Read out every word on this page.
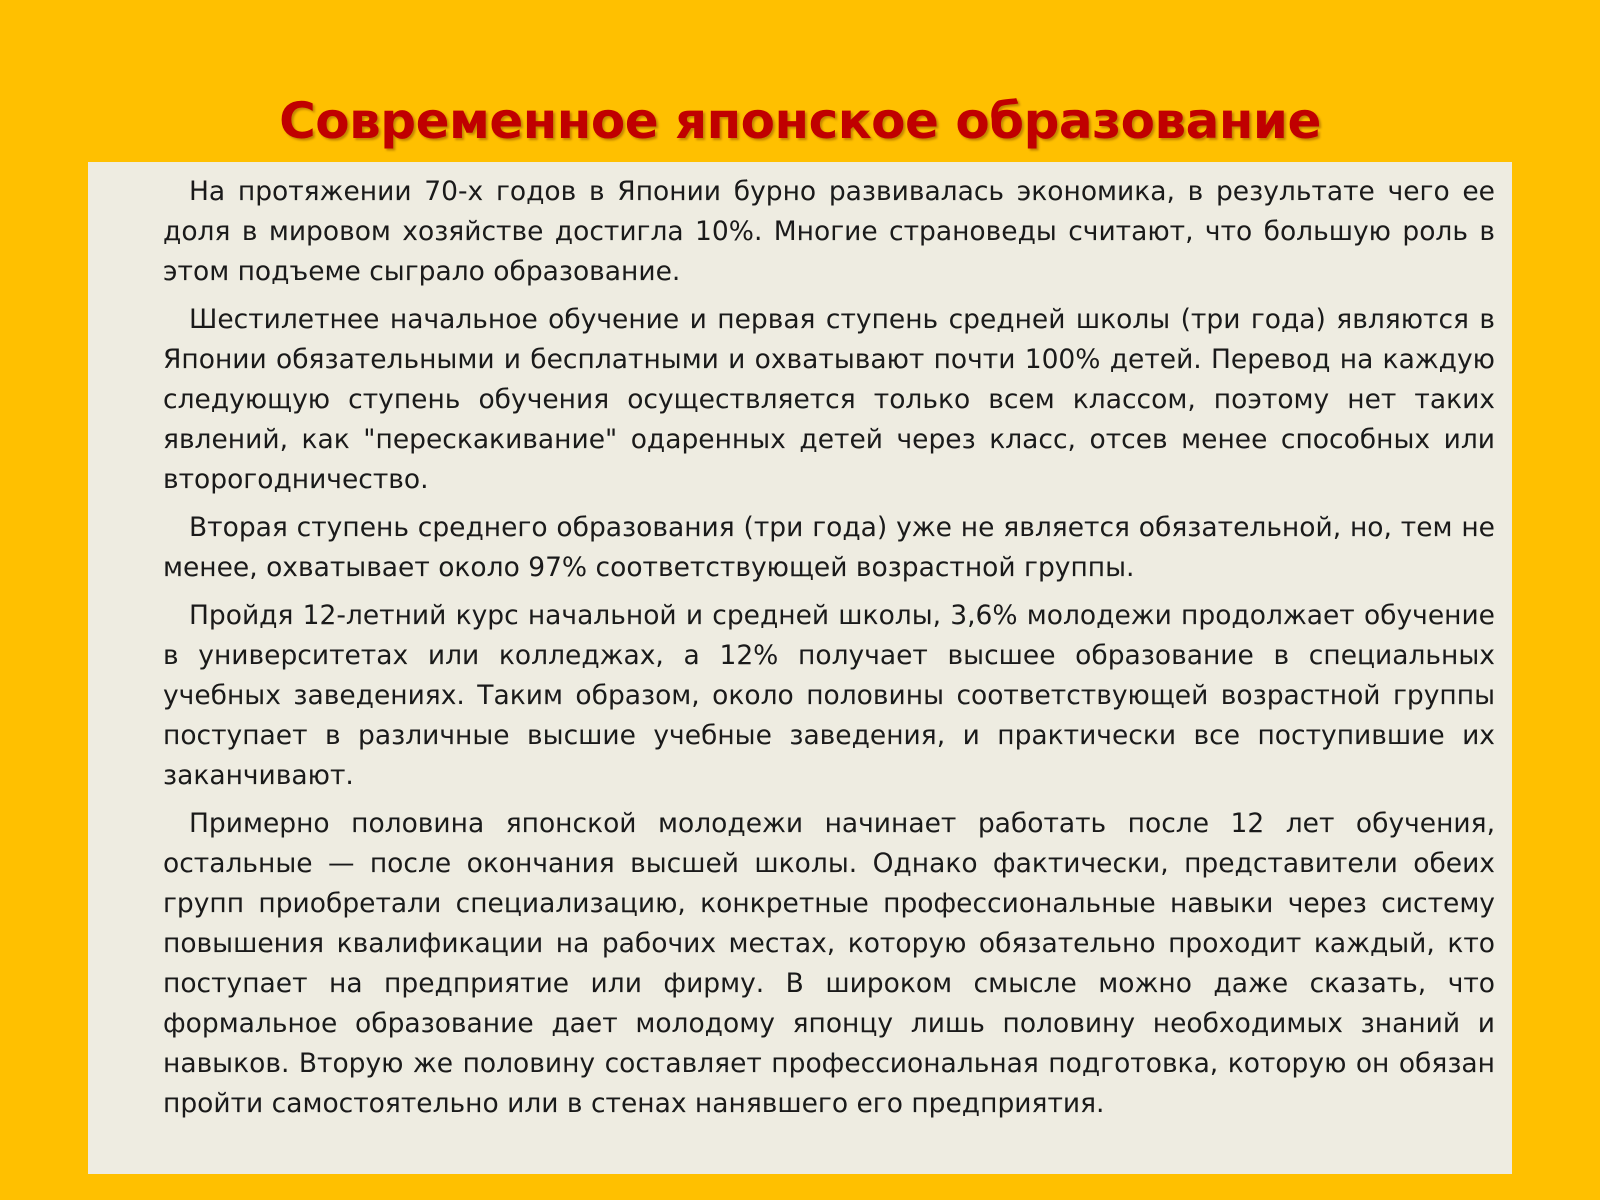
Современное японское образование

На протяжении 70-х годов в Японии бурно развивалась экономика, в результате чего ее доля в мировом хозяйстве достигла 10%. Многие страноведы считают, что большую роль в этом подъеме сыграло образование.

Шестилетнее начальное обучение и первая ступень средней школы (три года) являются в Японии обязательными и бесплатными и охватывают почти 100% детей. Перевод на каждую следующую ступень обучения осуществляется только всем классом, поэтому нет таких явлений, как "перескакивание" одаренных детей через класс, отсев менее способных или второгодничество.

Вторая ступень среднего образования (три года) уже не является обязательной, но, тем не менее, охватывает около 97% соответствующей возрастной группы.

Пройдя 12-летний курс начальной и средней школы, 3,6% молодежи продолжает обучение в университетах или колледжах, а 12% получает высшее образование в специальных учебных заведениях. Таким образом, около половины соответствующей возрастной группы поступает в различные высшие учебные заведения, и практически все поступившие их заканчивают.

Примерно половина японской молодежи начинает работать после 12 лет обучения, остальные — после окончания высшей школы. Однако фактически, представители обеих групп приобретали специализацию, конкретные профессиональные навыки через систему повышения квалификации на рабочих местах, которую обязательно проходит каждый, кто поступает на предприятие или фирму. В широком смысле можно даже сказать, что формальное образование дает молодому японцу лишь половину необходимых знаний и навыков. Вторую же половину составляет профессиональная подготовка, которую он обязан пройти самостоятельно или в стенах нанявшего его предприятия.
